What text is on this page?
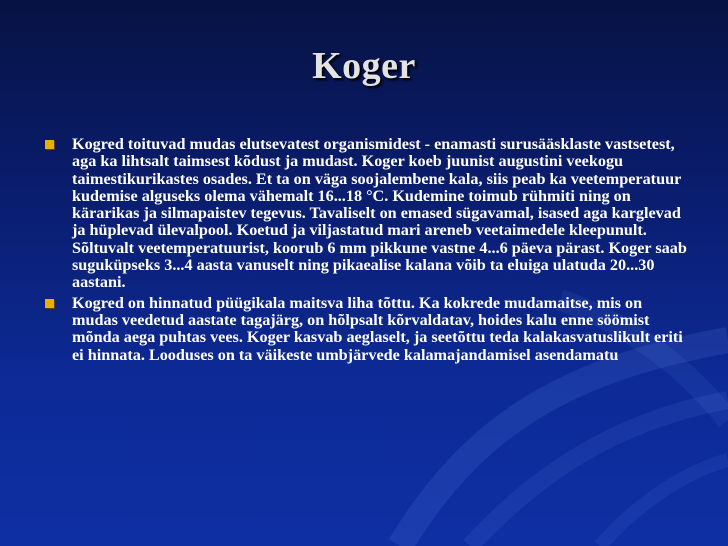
Koger
Kogred toituvad mudas elutsevatest organismidest - enamasti surusääsklaste vastsetest, aga ka lihtsalt taimsest kõdust ja mudast. Koger koeb juunist augustini veekogu taimestikurikastes osades. Et ta on väga soojalembene kala, siis peab ka veetemperatuur kudemise alguseks olema vähemalt 16...18 °C. Kudemine toimub rühmiti ning on kärarikas ja silmapaistev tegevus. Tavaliselt on emased sügavamal, isased aga karglevad ja hüplevad ülevalpool. Koetud ja viljastatud mari areneb veetaimedele kleepunult. Sõltuvalt veetemperatuurist, koorub 6 mm pikkune vastne 4...6 päeva pärast. Koger saab suguküpseks 3...4 aasta vanuselt ning pikaealise kalana võib ta eluiga ulatuda 20...30 aastani.
Kogred on hinnatud püügikala maitsva liha tõttu. Ka kokrede mudamaitse, mis on mudas veedetud aastate tagajärg, on hõlpsalt kõrvaldatav, hoides kalu enne söömist mõnda aega puhtas vees. Koger kasvab aeglaselt, ja seetõttu teda kalakasvatuslikult eriti ei hinnata. Looduses on ta väikeste umbjärvede kalamajandamisel asendamatu
